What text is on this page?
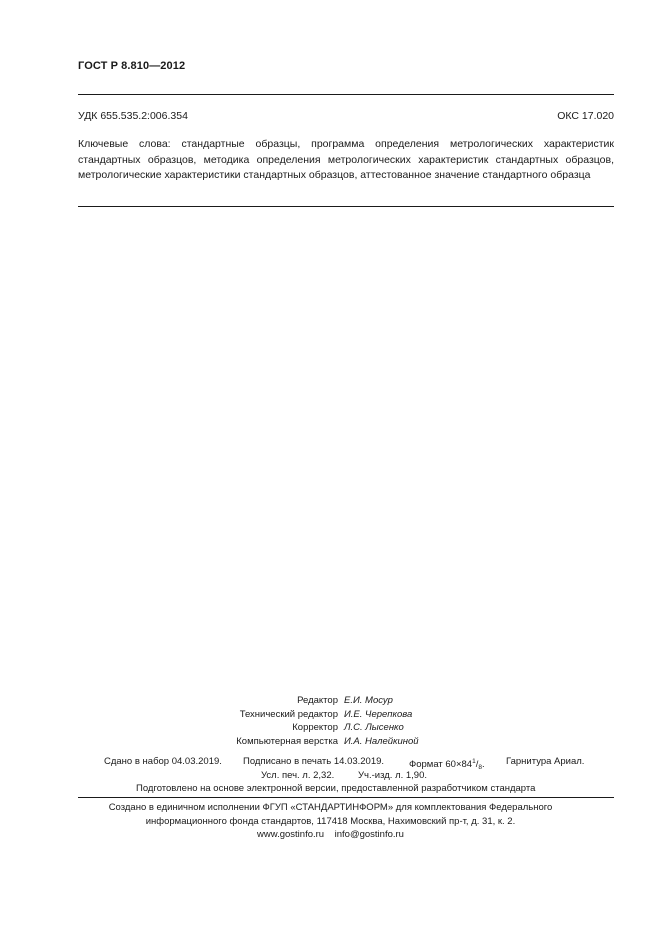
ГОСТ Р 8.810—2012
УДК 655.535.2:006.354	ОКС 17.020
Ключевые слова: стандартные образцы, программа определения метрологических характеристик стандартных образцов, методика определения метрологических характеристик стандартных образцов, метрологические характеристики стандартных образцов, аттестованное значение стандартного образца
Редактор Е.И. Мосур
Технический редактор И.Е. Черепкова
Корректор Л.С. Лысенко
Компьютерная верстка И.А. Налейкиной
Сдано в набор 04.03.2019. Подписано в печать 14.03.2019.	Формат $60\times 84^1/_8$. Гарнитура Ариал.
Усл. печ. л. 2,32. Уч.-изд. л. 1,90.
Подготовлено на основе электронной версии, предоставленной разработчиком стандарта
Создано в единичном исполнении ФГУП «СТАНДАРТИНФОРМ» для комплектования Федерального
информационного фонда стандартов, 117418 Москва, Нахимовский пр-т, д. 31, к. 2.
www.gostinfo.ru info@gostinfo.ru
